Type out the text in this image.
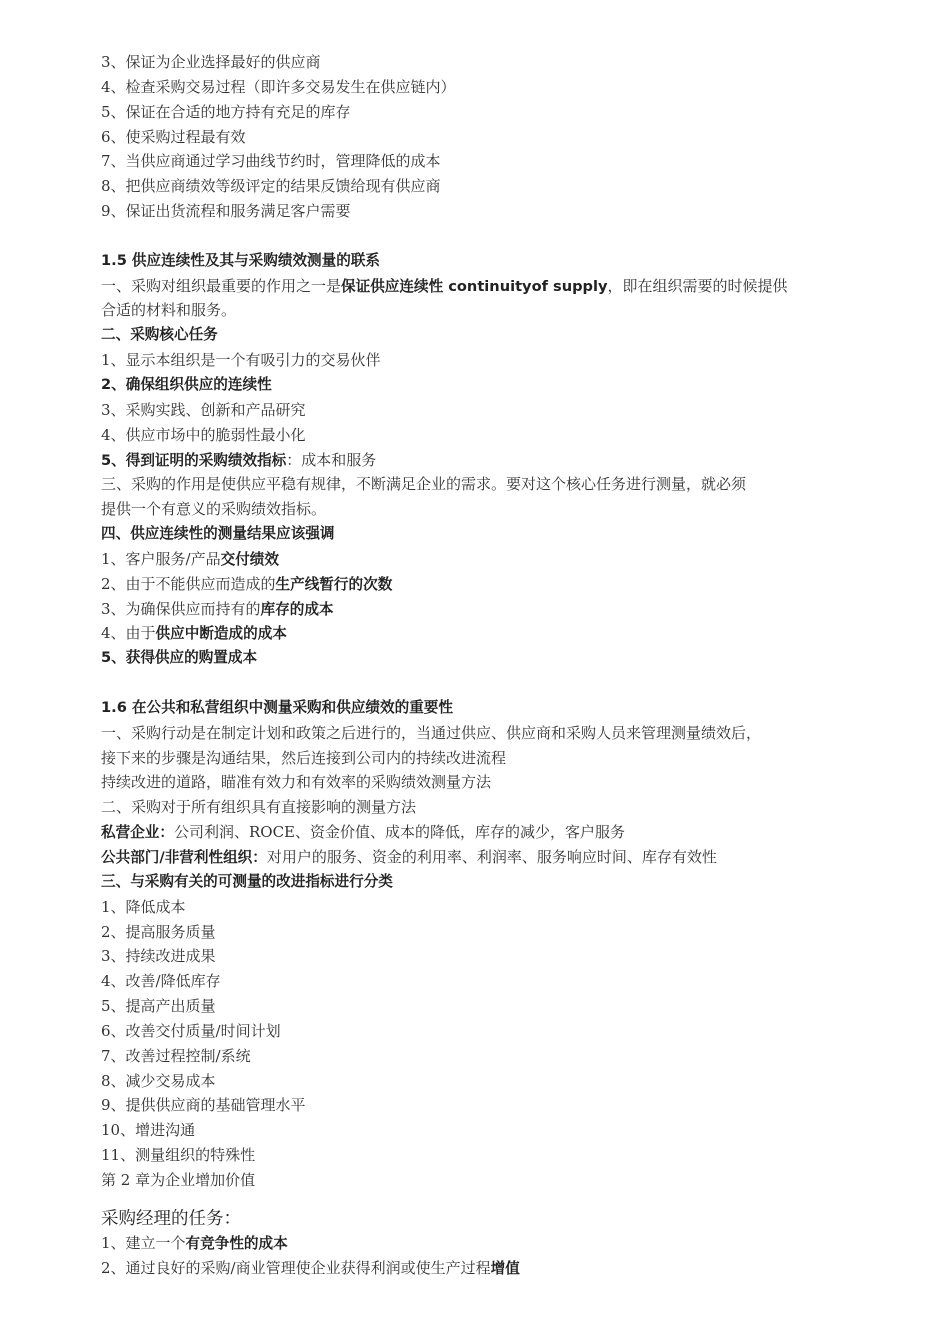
3、保证为企业选择最好的供应商
4、检查采购交易过程（即许多交易发生在供应链内）
5、保证在合适的地方持有充足的库存
6、使采购过程最有效
7、当供应商通过学习曲线节约时，管理降低的成本
8、把供应商绩效等级评定的结果反馈给现有供应商
9、保证出货流程和服务满足客户需要
1.5 供应连续性及其与采购绩效测量的联系
一、采购对组织最重要的作用之一是保证供应连续性 continuityof supply，即在组织需要的时候提供
合适的材料和服务。
二、采购核心任务
1、显示本组织是一个有吸引力的交易伙伴
2、确保组织供应的连续性
3、采购实践、创新和产品研究
4、供应市场中的脆弱性最小化
5、得到证明的采购绩效指标：成本和服务
三、采购的作用是使供应平稳有规律，不断满足企业的需求。要对这个核心任务进行测量，就必须
提供一个有意义的采购绩效指标。
四、供应连续性的测量结果应该强调
1、客户服务/产品交付绩效
2、由于不能供应而造成的生产线暂行的次数
3、为确保供应而持有的库存的成本
4、由于供应中断造成的成本
5、获得供应的购置成本
1.6 在公共和私营组织中测量采购和供应绩效的重要性
一、采购行动是在制定计划和政策之后进行的，当通过供应、供应商和采购人员来管理测量绩效后，
接下来的步骤是沟通结果，然后连接到公司内的持续改进流程
持续改进的道路，瞄准有效力和有效率的采购绩效测量方法
二、采购对于所有组织具有直接影响的测量方法
私营企业：公司利润、ROCE、资金价值、成本的降低，库存的减少，客户服务
公共部门/非营利性组织：对用户的服务、资金的利用率、利润率、服务响应时间、库存有效性
三、与采购有关的可测量的改进指标进行分类
1、降低成本
2、提高服务质量
3、持续改进成果
4、改善/降低库存
5、提高产出质量
6、改善交付质量/时间计划
7、改善过程控制/系统
8、减少交易成本
9、提供供应商的基础管理水平
10、增进沟通
11、测量组织的特殊性
第 2 章为企业增加价值
采购经理的任务：
1、建立一个有竞争性的成本
2、通过良好的采购/商业管理使企业获得利润或使生产过程增值
